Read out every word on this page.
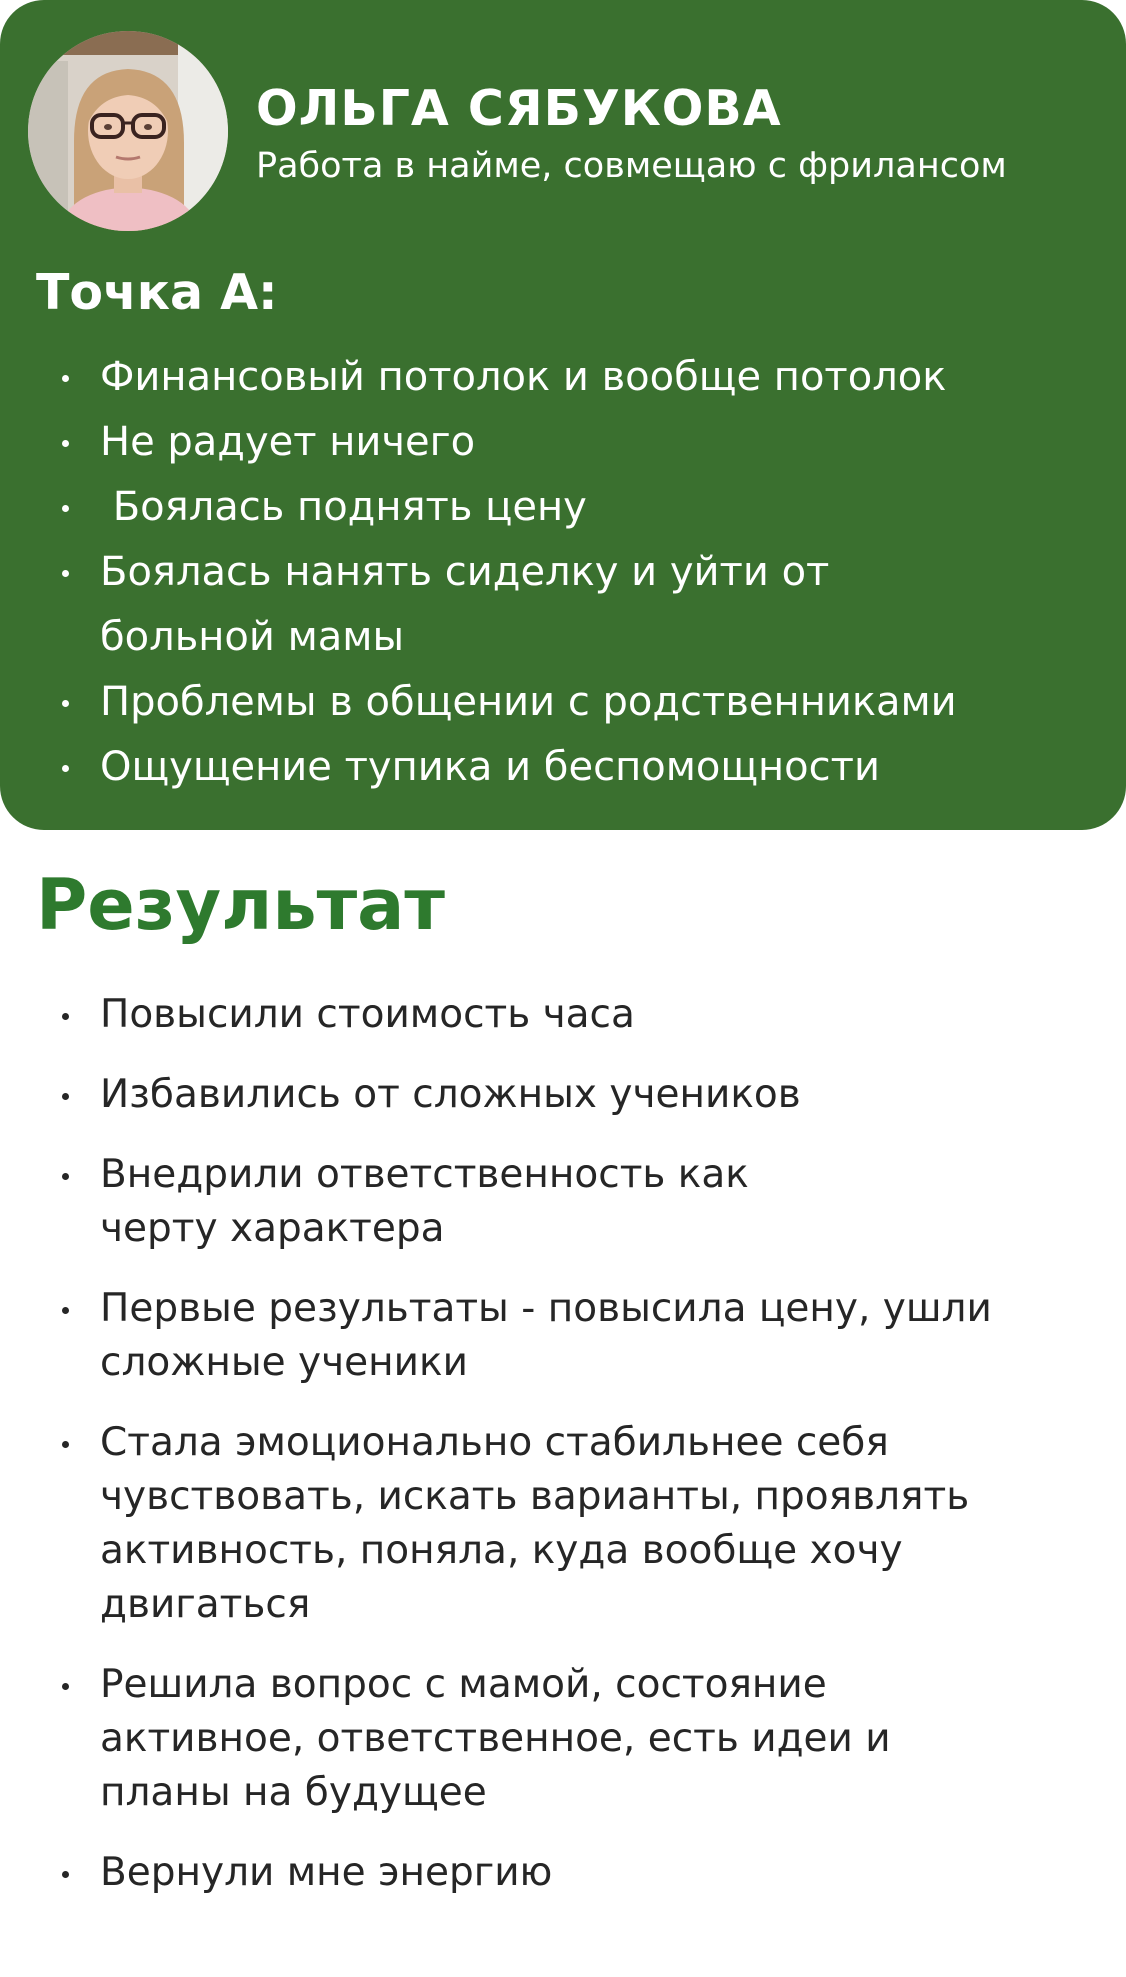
ОЛЬГА СЯБУКОВА
Работа в найме, совмещаю с фрилансом
Точка А:
Финансовый потолок и вообще потолок
Не радует ничего
Боялась поднять цену
Боялась нанять сиделку и уйти от больной мамы
Проблемы в общении с родственниками
Ощущение тупика и беспомощности
Результат
Повысили стоимость часа
Избавились от сложных учеников
Внедрили ответственность как черту характера
Первые результаты - повысила цену, ушли сложные ученики
Стала эмоционально стабильнее себя чувствовать, искать варианты, проявлять активность, поняла, куда вообще хочу двигаться
Решила вопрос с мамой, состояние активное, ответственное, есть идеи и планы на будущее
Вернули мне энергию
